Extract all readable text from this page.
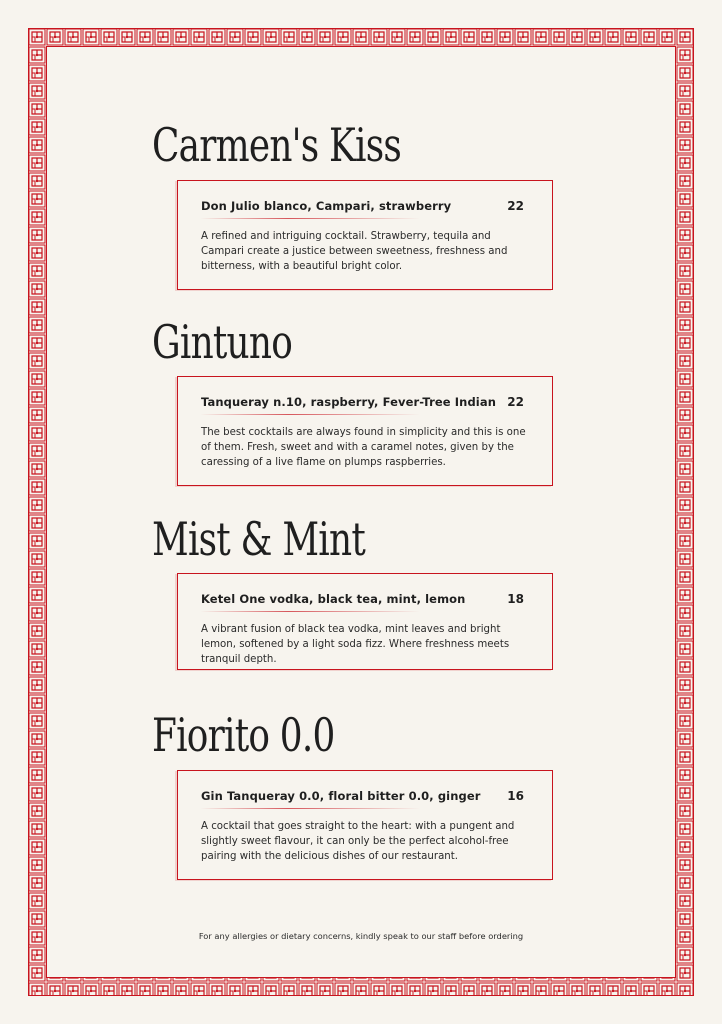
Carmen's Kiss
Don Julio blanco, Campari, strawberry	22
A refined and intriguing cocktail. Strawberry, tequila and Campari create a justice between sweetness, freshness and bitterness, with a beautiful bright color.
Gintuno
Tanqueray n.10, raspberry, Fever-Tree Indian 22
The best cocktails are always found in simplicity and this is one of them. Fresh, sweet and with a caramel notes, given by the caressing of a live flame on plumps raspberries.
Mist & Mint
Ketel One vodka, black tea, mint, lemon	18
A vibrant fusion of black tea vodka, mint leaves and bright lemon, softened by a light soda fizz. Where freshness meets tranquil depth.
Fiorito 0.0
Gin Tanqueray 0.0, floral bitter 0.0, ginger 16
A cocktail that goes straight to the heart: with a pungent and slightly sweet flavour, it can only be the perfect alcohol-free pairing with the delicious dishes of our restaurant.
For any allergies or dietary concerns, kindly speak to our staff before ordering
